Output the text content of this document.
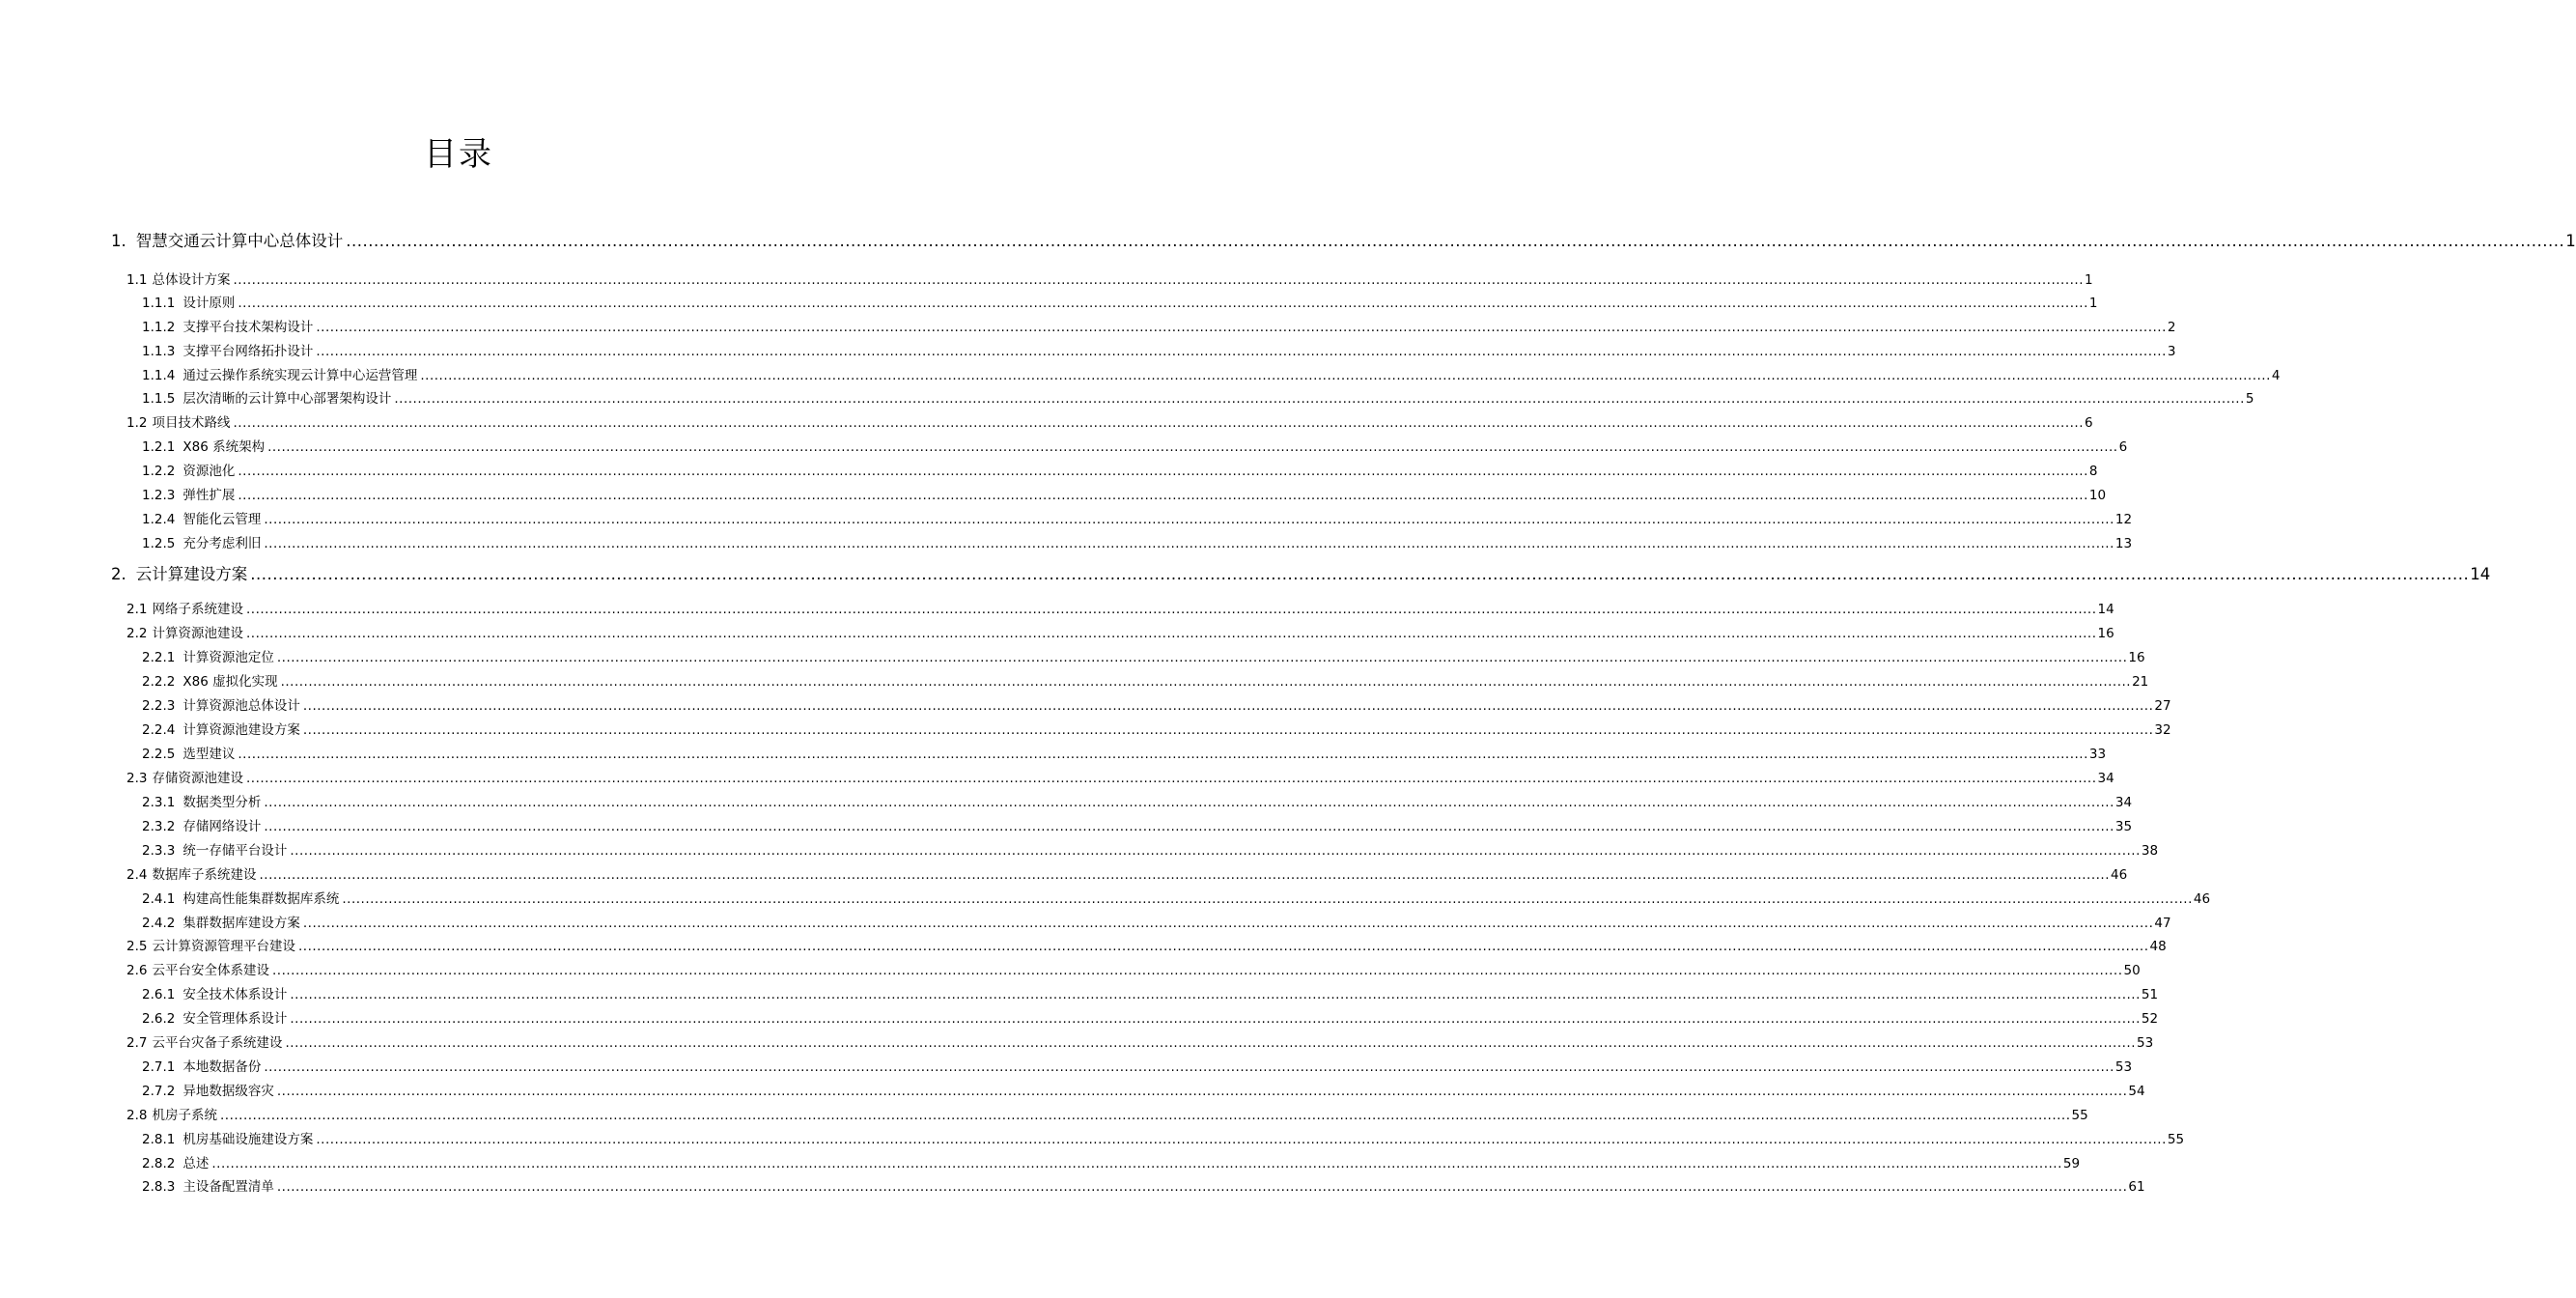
目录
1. 智慧交通云计算中心总体设计 ................................................................................................................................................................................................................................................................................................................................................................................................................ 1
1.1 总体设计方案 ................................................................................................................................................................................................................................................................................................................................................................................................................ 1
1.1.1 设计原则 ................................................................................................................................................................................................................................................................................................................................................................................................................ 1
1.1.2 支撑平台技术架构设计 ................................................................................................................................................................................................................................................................................................................................................................................................................ 2
1.1.3 支撑平台网络拓扑设计 ................................................................................................................................................................................................................................................................................................................................................................................................................ 3
1.1.4 通过云操作系统实现云计算中心运营管理 ................................................................................................................................................................................................................................................................................................................................................................................................................ 4
1.1.5 层次清晰的云计算中心部署架构设计 ................................................................................................................................................................................................................................................................................................................................................................................................................ 5
1.2 项目技术路线 ................................................................................................................................................................................................................................................................................................................................................................................................................ 6
1.2.1 X86 系统架构 ................................................................................................................................................................................................................................................................................................................................................................................................................ 6
1.2.2 资源池化 ................................................................................................................................................................................................................................................................................................................................................................................................................ 8
1.2.3 弹性扩展 ................................................................................................................................................................................................................................................................................................................................................................................................................ 10
1.2.4 智能化云管理 ................................................................................................................................................................................................................................................................................................................................................................................................................ 12
1.2.5 充分考虑利旧 ................................................................................................................................................................................................................................................................................................................................................................................................................ 13
2. 云计算建设方案 ................................................................................................................................................................................................................................................................................................................................................................................................................ 14
2.1 网络子系统建设 ................................................................................................................................................................................................................................................................................................................................................................................................................ 14
2.2 计算资源池建设 ................................................................................................................................................................................................................................................................................................................................................................................................................ 16
2.2.1 计算资源池定位 ................................................................................................................................................................................................................................................................................................................................................................................................................ 16
2.2.2 X86 虚拟化实现 ................................................................................................................................................................................................................................................................................................................................................................................................................ 21
2.2.3 计算资源池总体设计 ................................................................................................................................................................................................................................................................................................................................................................................................................ 27
2.2.4 计算资源池建设方案 ................................................................................................................................................................................................................................................................................................................................................................................................................ 32
2.2.5 选型建议 ................................................................................................................................................................................................................................................................................................................................................................................................................ 33
2.3 存储资源池建设 ................................................................................................................................................................................................................................................................................................................................................................................................................ 34
2.3.1 数据类型分析 ................................................................................................................................................................................................................................................................................................................................................................................................................ 34
2.3.2 存储网络设计 ................................................................................................................................................................................................................................................................................................................................................................................................................ 35
2.3.3 统一存储平台设计 ................................................................................................................................................................................................................................................................................................................................................................................................................ 38
2.4 数据库子系统建设 ................................................................................................................................................................................................................................................................................................................................................................................................................ 46
2.4.1 构建高性能集群数据库系统 ................................................................................................................................................................................................................................................................................................................................................................................................................ 46
2.4.2 集群数据库建设方案 ................................................................................................................................................................................................................................................................................................................................................................................................................ 47
2.5 云计算资源管理平台建设 ................................................................................................................................................................................................................................................................................................................................................................................................................ 48
2.6 云平台安全体系建设 ................................................................................................................................................................................................................................................................................................................................................................................................................ 50
2.6.1 安全技术体系设计 ................................................................................................................................................................................................................................................................................................................................................................................................................ 51
2.6.2 安全管理体系设计 ................................................................................................................................................................................................................................................................................................................................................................................................................ 52
2.7 云平台灾备子系统建设 ................................................................................................................................................................................................................................................................................................................................................................................................................ 53
2.7.1 本地数据备份 ................................................................................................................................................................................................................................................................................................................................................................................................................ 53
2.7.2 异地数据级容灾 ................................................................................................................................................................................................................................................................................................................................................................................................................ 54
2.8 机房子系统 ................................................................................................................................................................................................................................................................................................................................................................................................................ 55
2.8.1 机房基础设施建设方案 ................................................................................................................................................................................................................................................................................................................................................................................................................ 55
2.8.2 总述 ................................................................................................................................................................................................................................................................................................................................................................................................................ 59
2.8.3 主设备配置清单 ................................................................................................................................................................................................................................................................................................................................................................................................................ 61
